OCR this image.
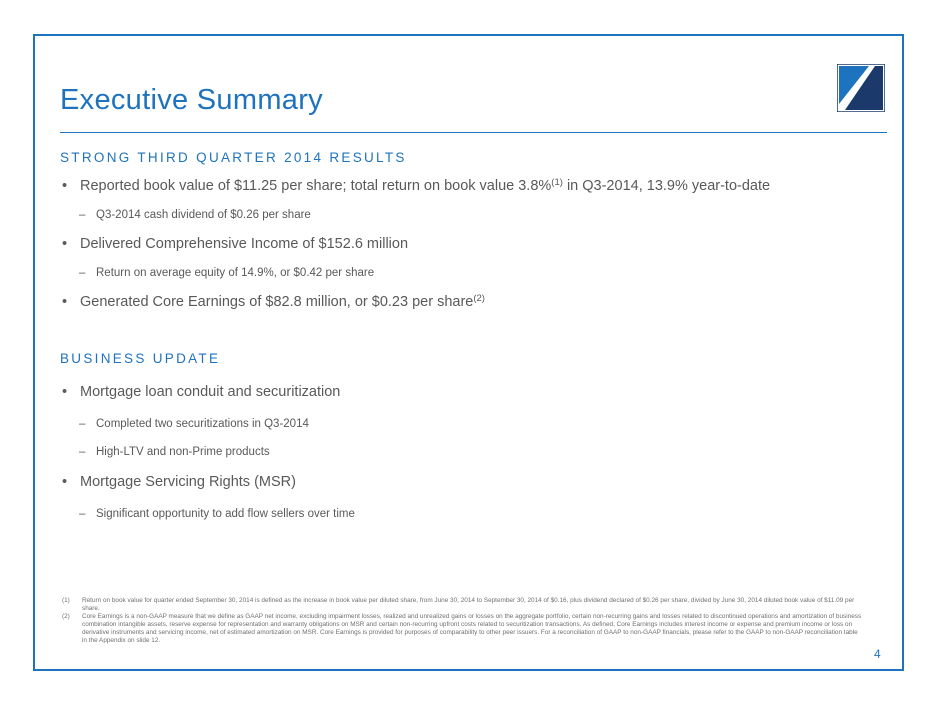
Executive Summary
STRONG THIRD QUARTER 2014 RESULTS
• Reported book value of $11.25 per share; total return on book value 3.8%$^{(1)}$ in Q3-2014, 13.9% year-to-date
– Q3-2014 cash dividend of $0.26 per share
• Delivered Comprehensive Income of $152.6 million
– Return on average equity of 14.9%, or $0.42 per share
• Generated Core Earnings of $82.8 million, or $0.23 per share$^{(2)}$
BUSINESS UPDATE
• Mortgage loan conduit and securitization
– Completed two securitizations in Q3-2014
– High-LTV and non-Prime products
• Mortgage Servicing Rights (MSR)
– Significant opportunity to add flow sellers over time
(1)	Return on book value for quarter ended September 30, 2014 is defined as the increase in book value per diluted share, from June 30, 2014 to September 30, 2014 of $0.16, plus dividend declared of $0.26 per share, divided by June 30, 2014 diluted book value of $11.09 per share.
(2)	Core Earnings is a non-GAAP measure that we define as GAAP net income, excluding impairment losses, realized and unrealized gains or losses on the aggregate portfolio, certain non-recurring gains and losses related to discontinued operations and amortization of business combination intangible assets, reserve expense for representation and warranty obligations on MSR and certain non-recurring upfront costs related to securitization transactions. As defined, Core Earnings includes interest income or expense and premium income or loss on derivative instruments and servicing income, net of estimated amortization on MSR. Core Earnings is provided for purposes of comparability to other peer issuers. For a reconciliation of GAAP to non-GAAP financials, please refer to the GAAP to non-GAAP reconciliation table in the Appendix on slide 12.
4
